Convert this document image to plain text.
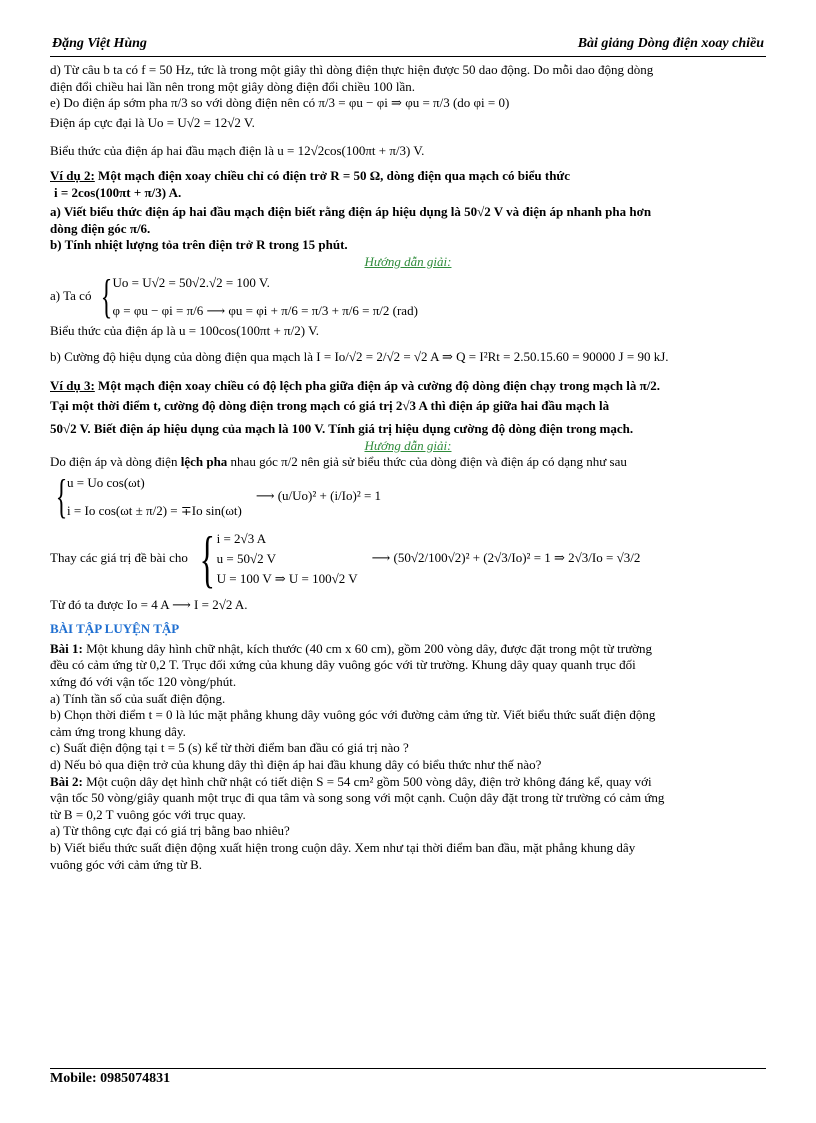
Đặng Việt Hùng	Bài giảng Dòng điện xoay chiều

d) Từ câu b ta có f = 50 Hz, tức là trong một giây thì dòng điện thực hiện được 50 dao động. Do mỗi dao động dòng

điện đổi chiều hai lần nên trong một giây dòng điện đổi chiều 100 lần.

e) Do điện áp sớm pha π/3 so với dòng điện nên có π/3 = φu − φi ⇒ φu = π/3 (do φi = 0)

Điện áp cực đại là Uo = U√2 = 12√2 V.

Biểu thức của điện áp hai đầu mạch điện là u = 12√2cos(100πt + π/3) V.

Ví dụ 2: Một mạch điện xoay chiều chỉ có điện trở R = 50 Ω, dòng điện qua mạch có biểu thức

i = 2cos(100πt + π/3) A.

a) Viết biểu thức điện áp hai đầu mạch điện biết rằng điện áp hiệu dụng là 50√2 V và điện áp nhanh pha hơn

dòng điện góc π/6.

b) Tính nhiệt lượng tỏa trên điện trở R trong 15 phút.

Hướng dẫn giải:

a) Ta có { Uo = U√2 = 50√2.√2 = 100 V.
φ = φu − φi = π/6 ⟶ φu = φi + π/6 = π/3 + π/6 = π/2 (rad)

Biểu thức của điện áp là u = 100cos(100πt + π/2) V.

b) Cường độ hiệu dụng của dòng điện qua mạch là I = Io/√2 = 2/√2 = √2 A ⇒ Q = I²Rt = 2.50.15.60 = 90000 J = 90 kJ.

Ví dụ 3: Một mạch điện xoay chiều có độ lệch pha giữa điện áp và cường độ dòng điện chạy trong mạch là π/2.

Tại một thời điểm t, cường độ dòng điện trong mạch có giá trị 2√3 A thì điện áp giữa hai đầu mạch là

50√2 V. Biết điện áp hiệu dụng của mạch là 100 V. Tính giá trị hiệu dụng cường độ dòng điện trong mạch.

Hướng dẫn giải:

Do điện áp và dòng điện lệch pha nhau góc π/2 nên giả sử biểu thức của dòng điện và điện áp có dạng như sau

{ u = Uo cos(ωt)
i = Io cos(ωt ± π/2) = ∓Io sin(ωt)
⟶ (u/Uo)² + (i/Io)² = 1
Thay các giá trị đề bài cho { i = 2√3 A
u = 50√2 V
U = 100 V ⇒ U = 100√2 V
⟶ (50√2/100√2)² + (2√3/Io)² = 1 ⇒ 2√3/Io = √3/2

Từ đó ta được Io = 4 A ⟶ I = 2√2 A.

BÀI TẬP LUYỆN TẬP

Bài 1: Một khung dây hình chữ nhật, kích thước (40 cm x 60 cm), gồm 200 vòng dây, được đặt trong một từ trường

đều có cảm ứng từ 0,2 T. Trục đối xứng của khung dây vuông góc với từ trường. Khung dây quay quanh trục đối

xứng đó với vận tốc 120 vòng/phút.

a) Tính tần số của suất điện động.

b) Chọn thời điểm t = 0 là lúc mặt phẳng khung dây vuông góc với đường cảm ứng từ. Viết biểu thức suất điện động

cảm ứng trong khung dây.

c) Suất điện động tại t = 5 (s) kể từ thời điểm ban đầu có giá trị nào ?

d) Nếu bỏ qua điện trở của khung dây thì điện áp hai đầu khung dây có biểu thức như thế nào?

Bài 2: Một cuộn dây dẹt hình chữ nhật có tiết diện S = 54 cm² gồm 500 vòng dây, điện trở không đáng kể, quay với

vận tốc 50 vòng/giây quanh một trục đi qua tâm và song song với một cạnh. Cuộn dây đặt trong từ trường có cảm ứng

từ B = 0,2 T vuông góc với trục quay.

a) Từ thông cực đại có giá trị bằng bao nhiêu?

b) Viết biểu thức suất điện động xuất hiện trong cuộn dây. Xem như tại thời điểm ban đầu, mặt phẳng khung dây

vuông góc với cảm ứng từ B.

Mobile: 0985074831
